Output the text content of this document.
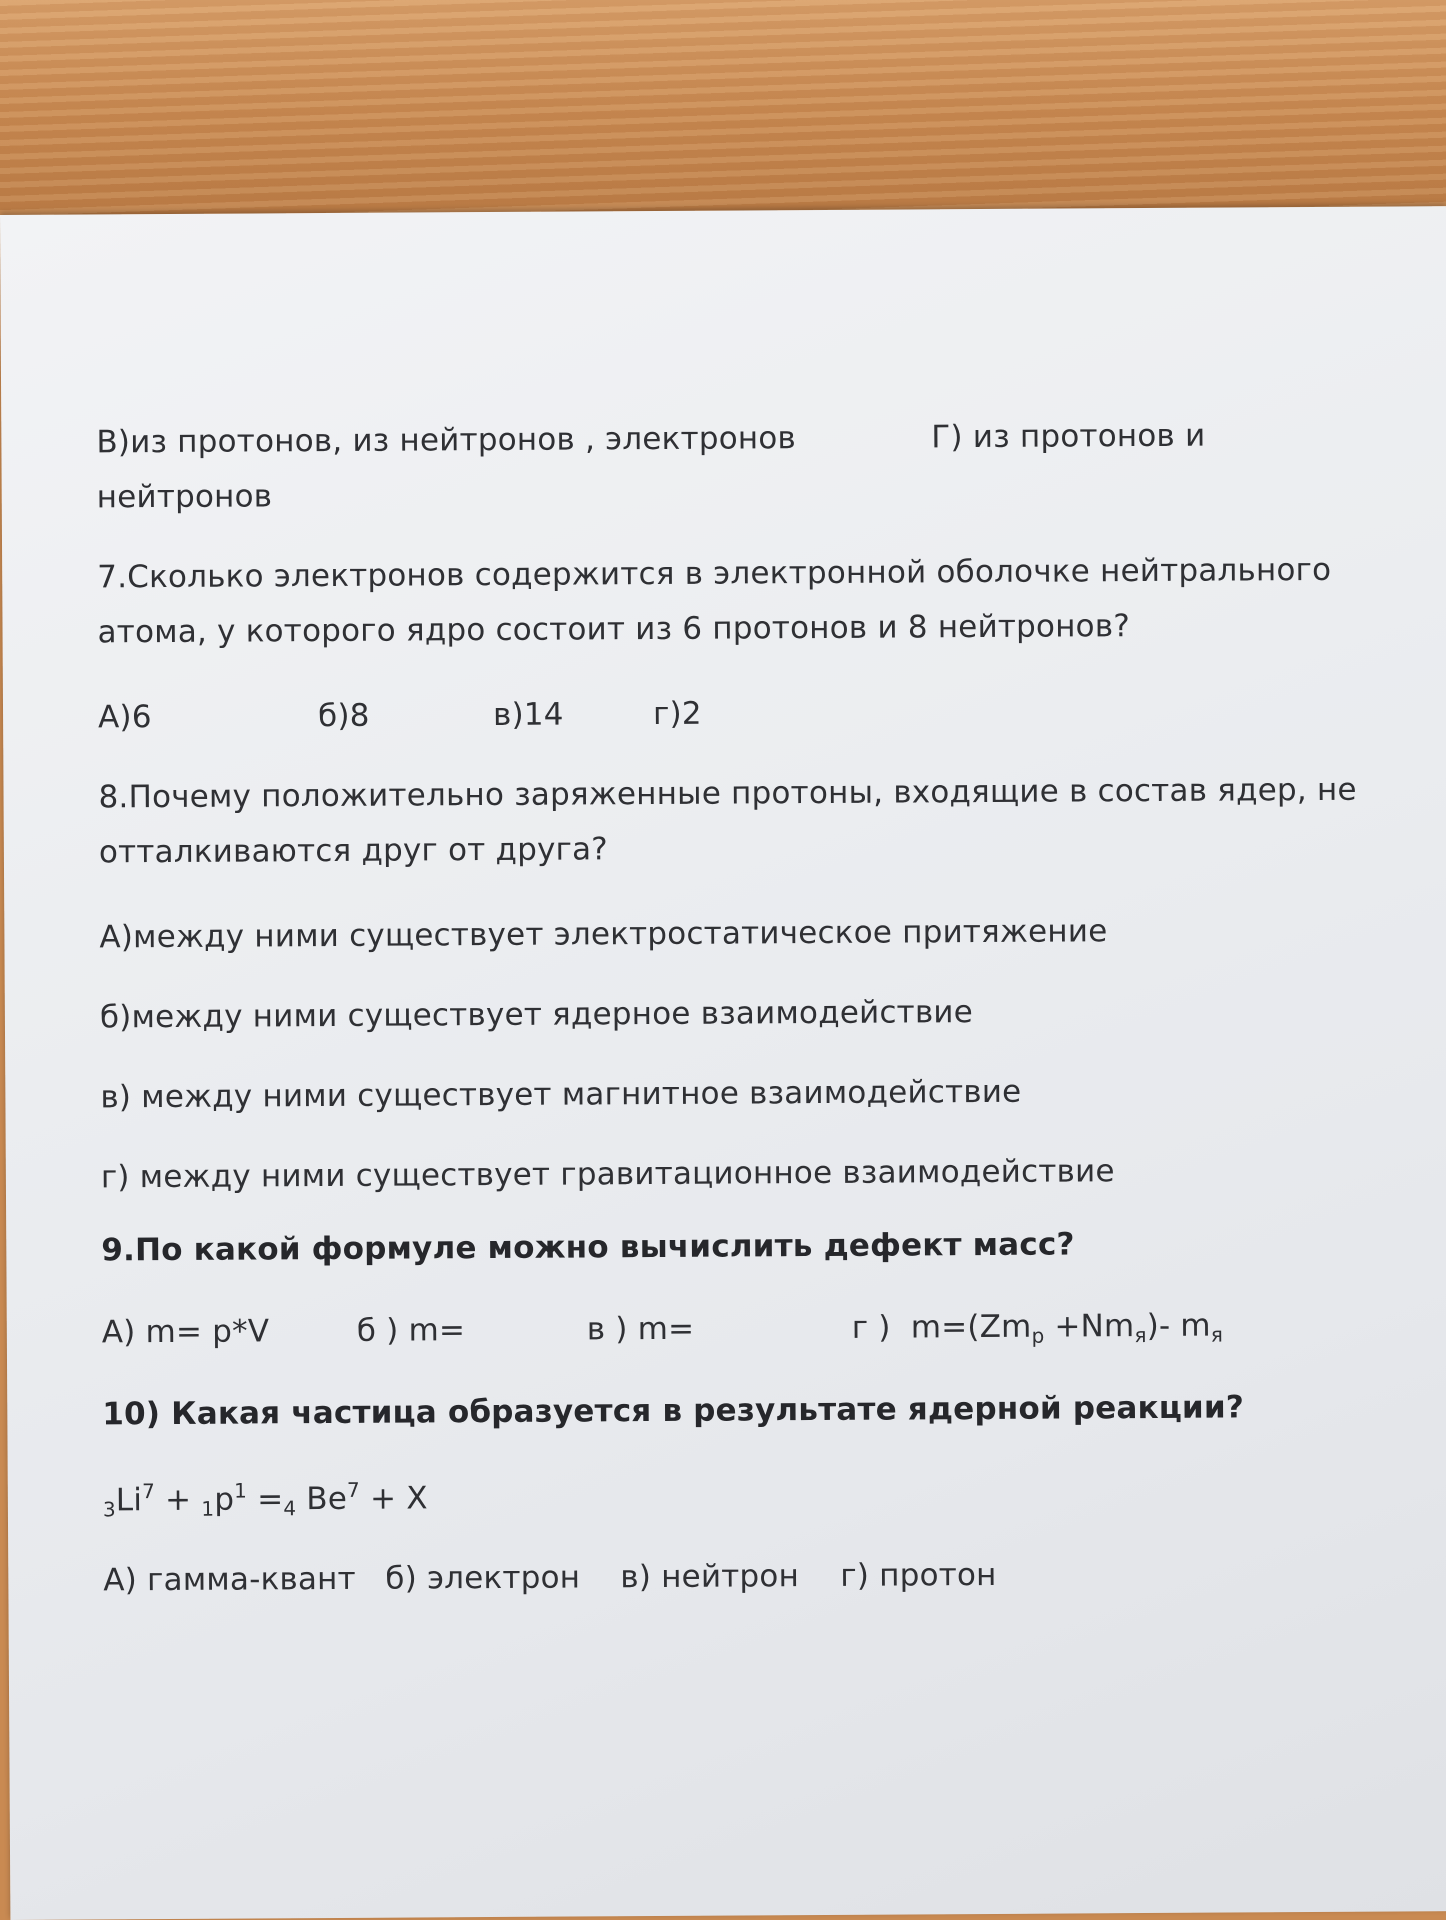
В)из протонов, из нейтронов , электронов	Г) из протонов и

нейтронов

7.Сколько электронов содержится в электронной оболочке нейтрального

атома, у которого ядро состоит из 6 протонов и 8 нейтронов?

А)6	б)8	в)14	г)2

8.Почему положительно заряженные протоны, входящие в состав ядер, не

отталкиваются друг от друга?

А)между ними существует электростатическое притяжение

б)между ними существует ядерное взаимодействие

в) между ними существует магнитное взаимодействие

г) между ними существует гравитационное взаимодействие

9.По какой формуле можно вычислить дефект масс?

А) m= p*V	б ) m=	в ) m=	г ) $m=(Zm_p +Nm_я)-$ $m_я$

10) Какая частица образуется в результате ядерной реакции?

$_3Li^7 + _1p^1 =_4$ $Be^7 + X$

А) гамма-квант б) электрон в) нейтрон г) протон
